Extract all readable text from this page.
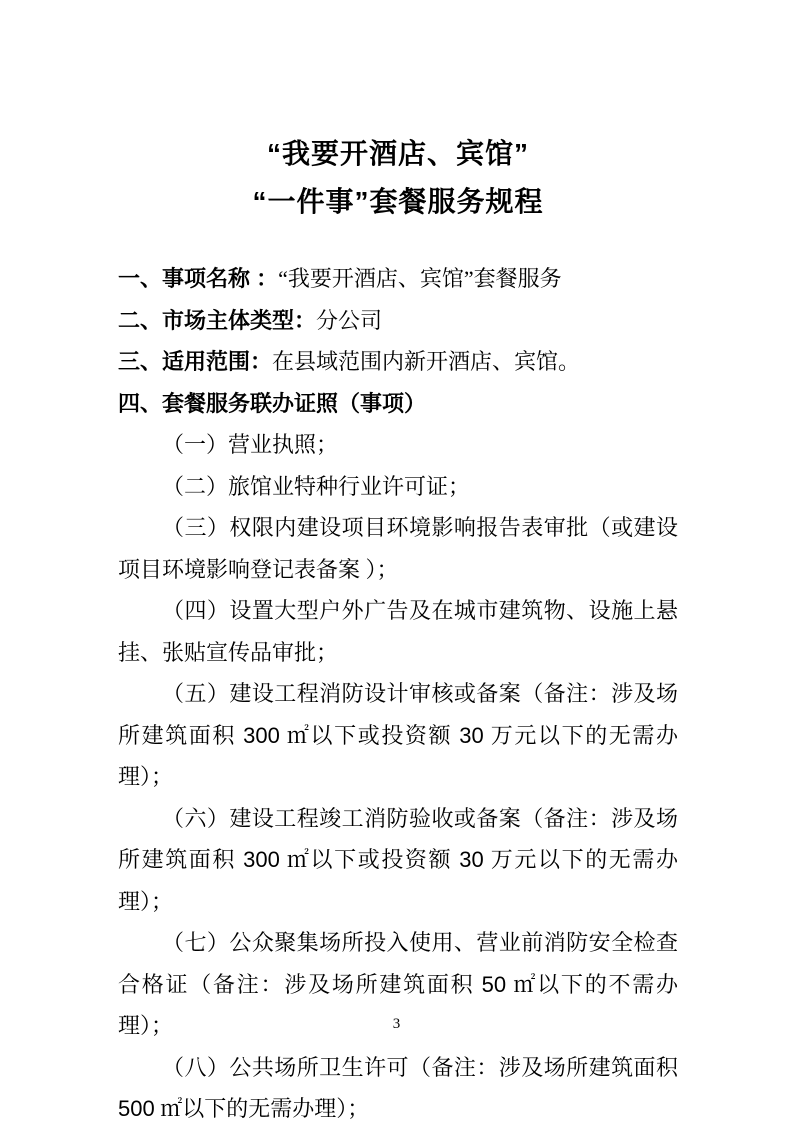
“我要开酒店、宾馆”
“一件事”套餐服务规程

一、事项名称 ：“我要开酒店、宾馆”套餐服务

二、市场主体类型：分公司

三、适用范围：在县域范围内新开酒店、宾馆。

四、套餐服务联办证照（事项）

（一）营业执照；

（二）旅馆业特种行业许可证；

（三）权限内建设项目环境影响报告表审批（或建设项目环境影响登记表备案 ）；

（四）设置大型户外广告及在城市建筑物、设施上悬挂、张贴宣传品审批；

（五）建设工程消防设计审核或备案（备注：涉及场所建筑面积 300 ㎡以下或投资额 30 万元以下的无需办理）；

（六）建设工程竣工消防验收或备案（备注：涉及场所建筑面积 300 ㎡以下或投资额 30 万元以下的无需办理）；

（七）公众聚集场所投入使用、营业前消防安全检查合格证（备注：涉及场所建筑面积 50 ㎡以下的不需办理）；

（八）公共场所卫生许可（备注：涉及场所建筑面积 500 ㎡以下的无需办理）；

3
